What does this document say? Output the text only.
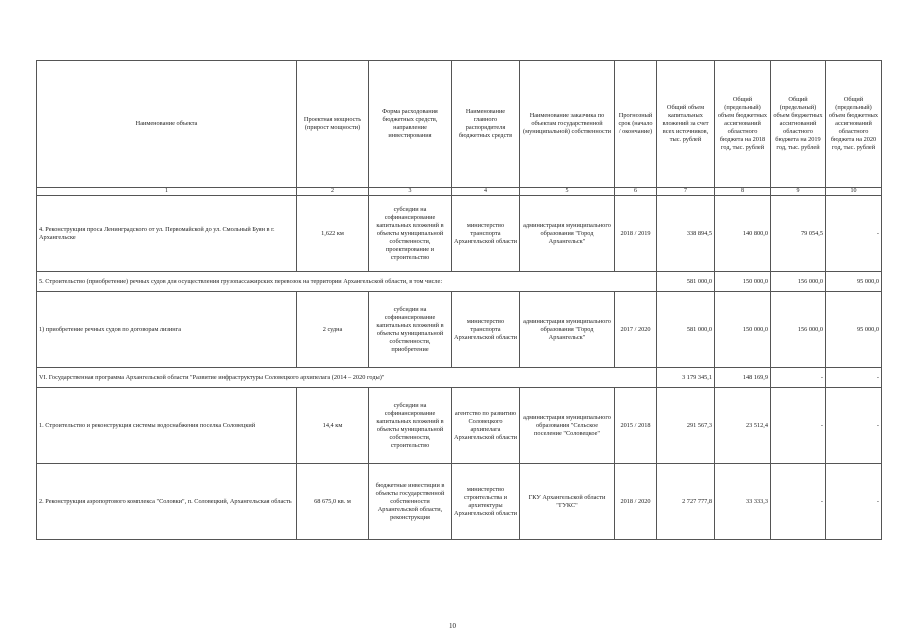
Наименование объекта	Проектная мощность (прирост мощности)	Форма расходования бюджетных средств, направление инвестирования	Наименование главного распорядителя бюджетных средств	Наименование заказчика по объектам государственной (муниципальной) собственности	Прогнозный срок (начало / окончание)	Общий объем капитальных вложений за счет всех источников, тыс. рублей	Общий (предельный) объем бюджетных ассигнований областного бюджета на 2018 год, тыс. рублей	Общий (предельный) объем бюджетных ассигнований областного бюджета на 2019 год, тыс. рублей	Общий (предельный) объем бюджетных ассигнований областного бюджета на 2020 год, тыс. рублей
1	2	3	4	5	6	7	8	9	10
4. Реконструкция проса Ленинградского от ул. Первомайской до ул. Смольный Буян в г. Архангельске	1,622 км	субсидии на софинансирование капитальных вложений в объекты муниципальной собственности, проектирование и строительство	министерство транспорта Архангельской области	администрация муниципального образования "Город Архангельск"	2018 / 2019	338 894,5	140 800,0	79 054,5	-
5. Строительство (приобретение) речных судов для осуществления грузопассажирских перевозок на территории Архангельской области, в том числе:						581 000,0	150 000,0	156 000,0	95 000,0
1) приобретение речных судов по договорам лизинга	2 судна	субсидии на софинансирование капитальных вложений в объекты муниципальной собственности, приобретение	министерство транспорта Архангельской области	администрация муниципального образования "Город Архангельск"	2017 / 2020	581 000,0	150 000,0	156 000,0	95 000,0
VI. Государственная программа Архангельской области "Развитие инфраструктуры Соловецкого архипелага (2014 – 2020 годы)"						3 179 345,1	148 169,9	-	-
1. Строительство и реконструкция системы водоснабжения поселка Соловецкий	14,4 км	субсидии на софинансирование капитальных вложений в объекты муниципальной собственности, строительство	агентство по развитию Соловецкого архипелага Архангельской области	администрация муниципального образования "Сельское поселение "Соловецкое"	2015 / 2018	291 567,3	23 512,4	-	-
2. Реконструкция аэропортового комплекса "Соловки", п. Соловецкий, Архангельская область	68 675,0 кв. м	бюджетные инвестиции в объекты государственной собственности Архангельской области, реконструкция	министерство строительства и архитектуры Архангельской области	ГКУ Архангельской области "ГУКС"	2018 / 2020	2 727 777,8	33 333,3	-	-
10
